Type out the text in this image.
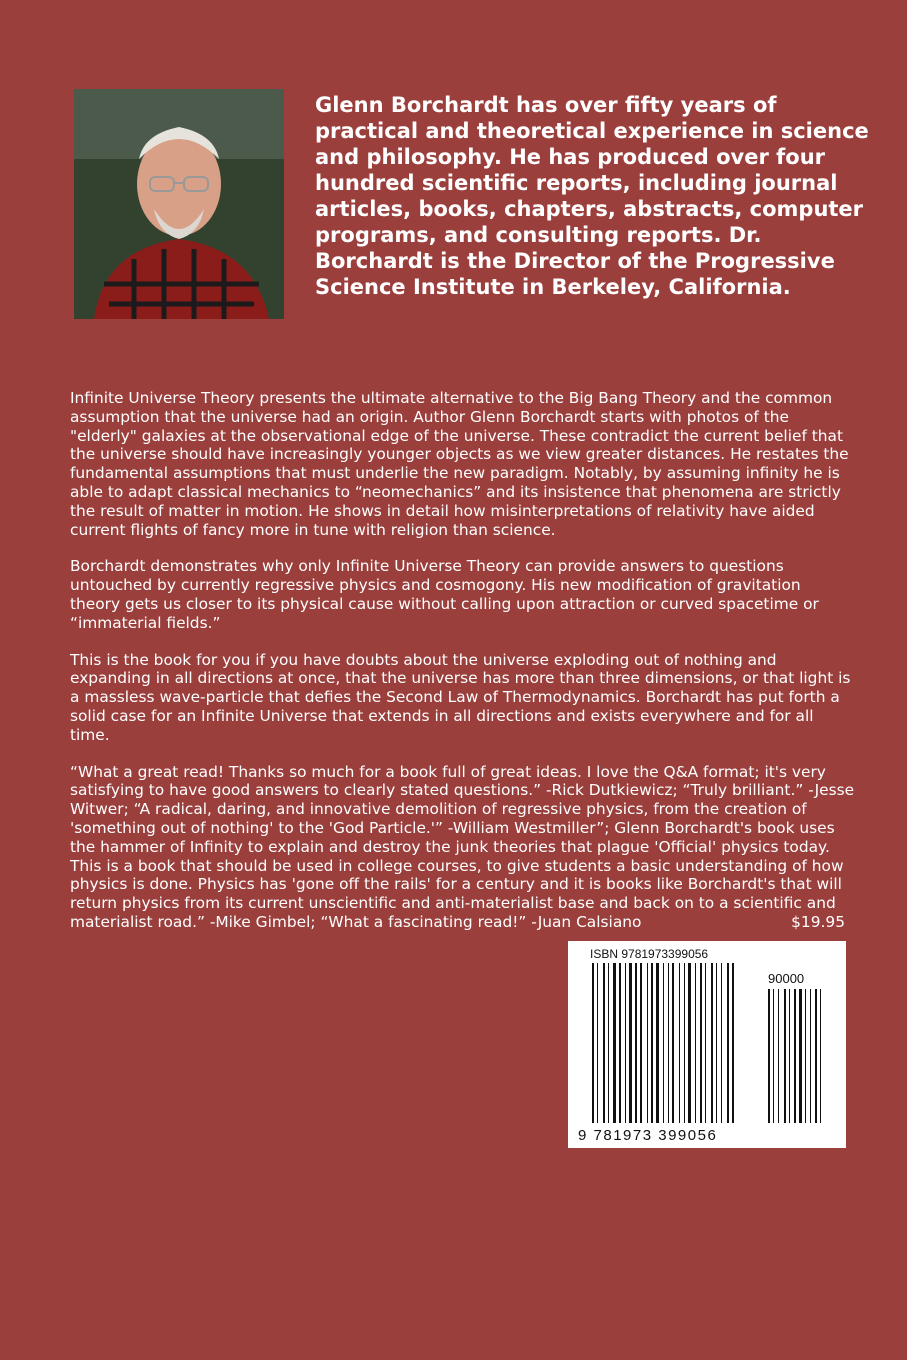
Glenn Borchardt has over fifty years of practical and theoretical experience in science and philosophy. He has produced over four hundred scientific reports, including journal articles, books, chapters, abstracts, computer programs, and consulting reports. Dr. Borchardt is the Director of the Progressive Science Institute in Berkeley, California.

Infinite Universe Theory presents the ultimate alternative to the Big Bang Theory and the common assumption that the universe had an origin. Author Glenn Borchardt starts with photos of the "elderly" galaxies at the observational edge of the universe. These contradict the current belief that the universe should have increasingly younger objects as we view greater distances. He restates the fundamental assumptions that must underlie the new paradigm. Notably, by assuming infinity he is able to adapt classical mechanics to “neomechanics” and its insistence that phenomena are strictly the result of matter in motion. He shows in detail how misinterpretations of relativity have aided current flights of fancy more in tune with religion than science.

Borchardt demonstrates why only Infinite Universe Theory can provide answers to questions untouched by currently regressive physics and cosmogony. His new modification of gravitation theory gets us closer to its physical cause without calling upon attraction or curved spacetime or “immaterial fields.”

This is the book for you if you have doubts about the universe exploding out of nothing and expanding in all directions at once, that the universe has more than three dimensions, or that light is a massless wave-particle that defies the Second Law of Thermodynamics. Borchardt has put forth a solid case for an Infinite Universe that extends in all directions and exists everywhere and for all time.

“What a great read! Thanks so much for a book full of great ideas. I love the Q&A format; it's very satisfying to have good answers to clearly stated questions.” -Rick Dutkiewicz; “Truly brilliant.” -Jesse Witwer; “A radical, daring, and innovative demolition of regressive physics, from the creation of 'something out of nothing' to the 'God Particle.'” -William Westmiller”; Glenn Borchardt's book uses the hammer of Infinity to explain and destroy the junk theories that plague 'Official' physics today. This is a book that should be used in college courses, to give students a basic understanding of how physics is done. Physics has 'gone off the rails' for a century and it is books like Borchardt's that will return physics from its current unscientific and anti-materialist base and back on to a scientific and materialist road.” -Mike Gimbel; “What a fascinating read!” -Juan Calsiano	$19.95

ISBN 9781973399056
90000
9 781973 399056
